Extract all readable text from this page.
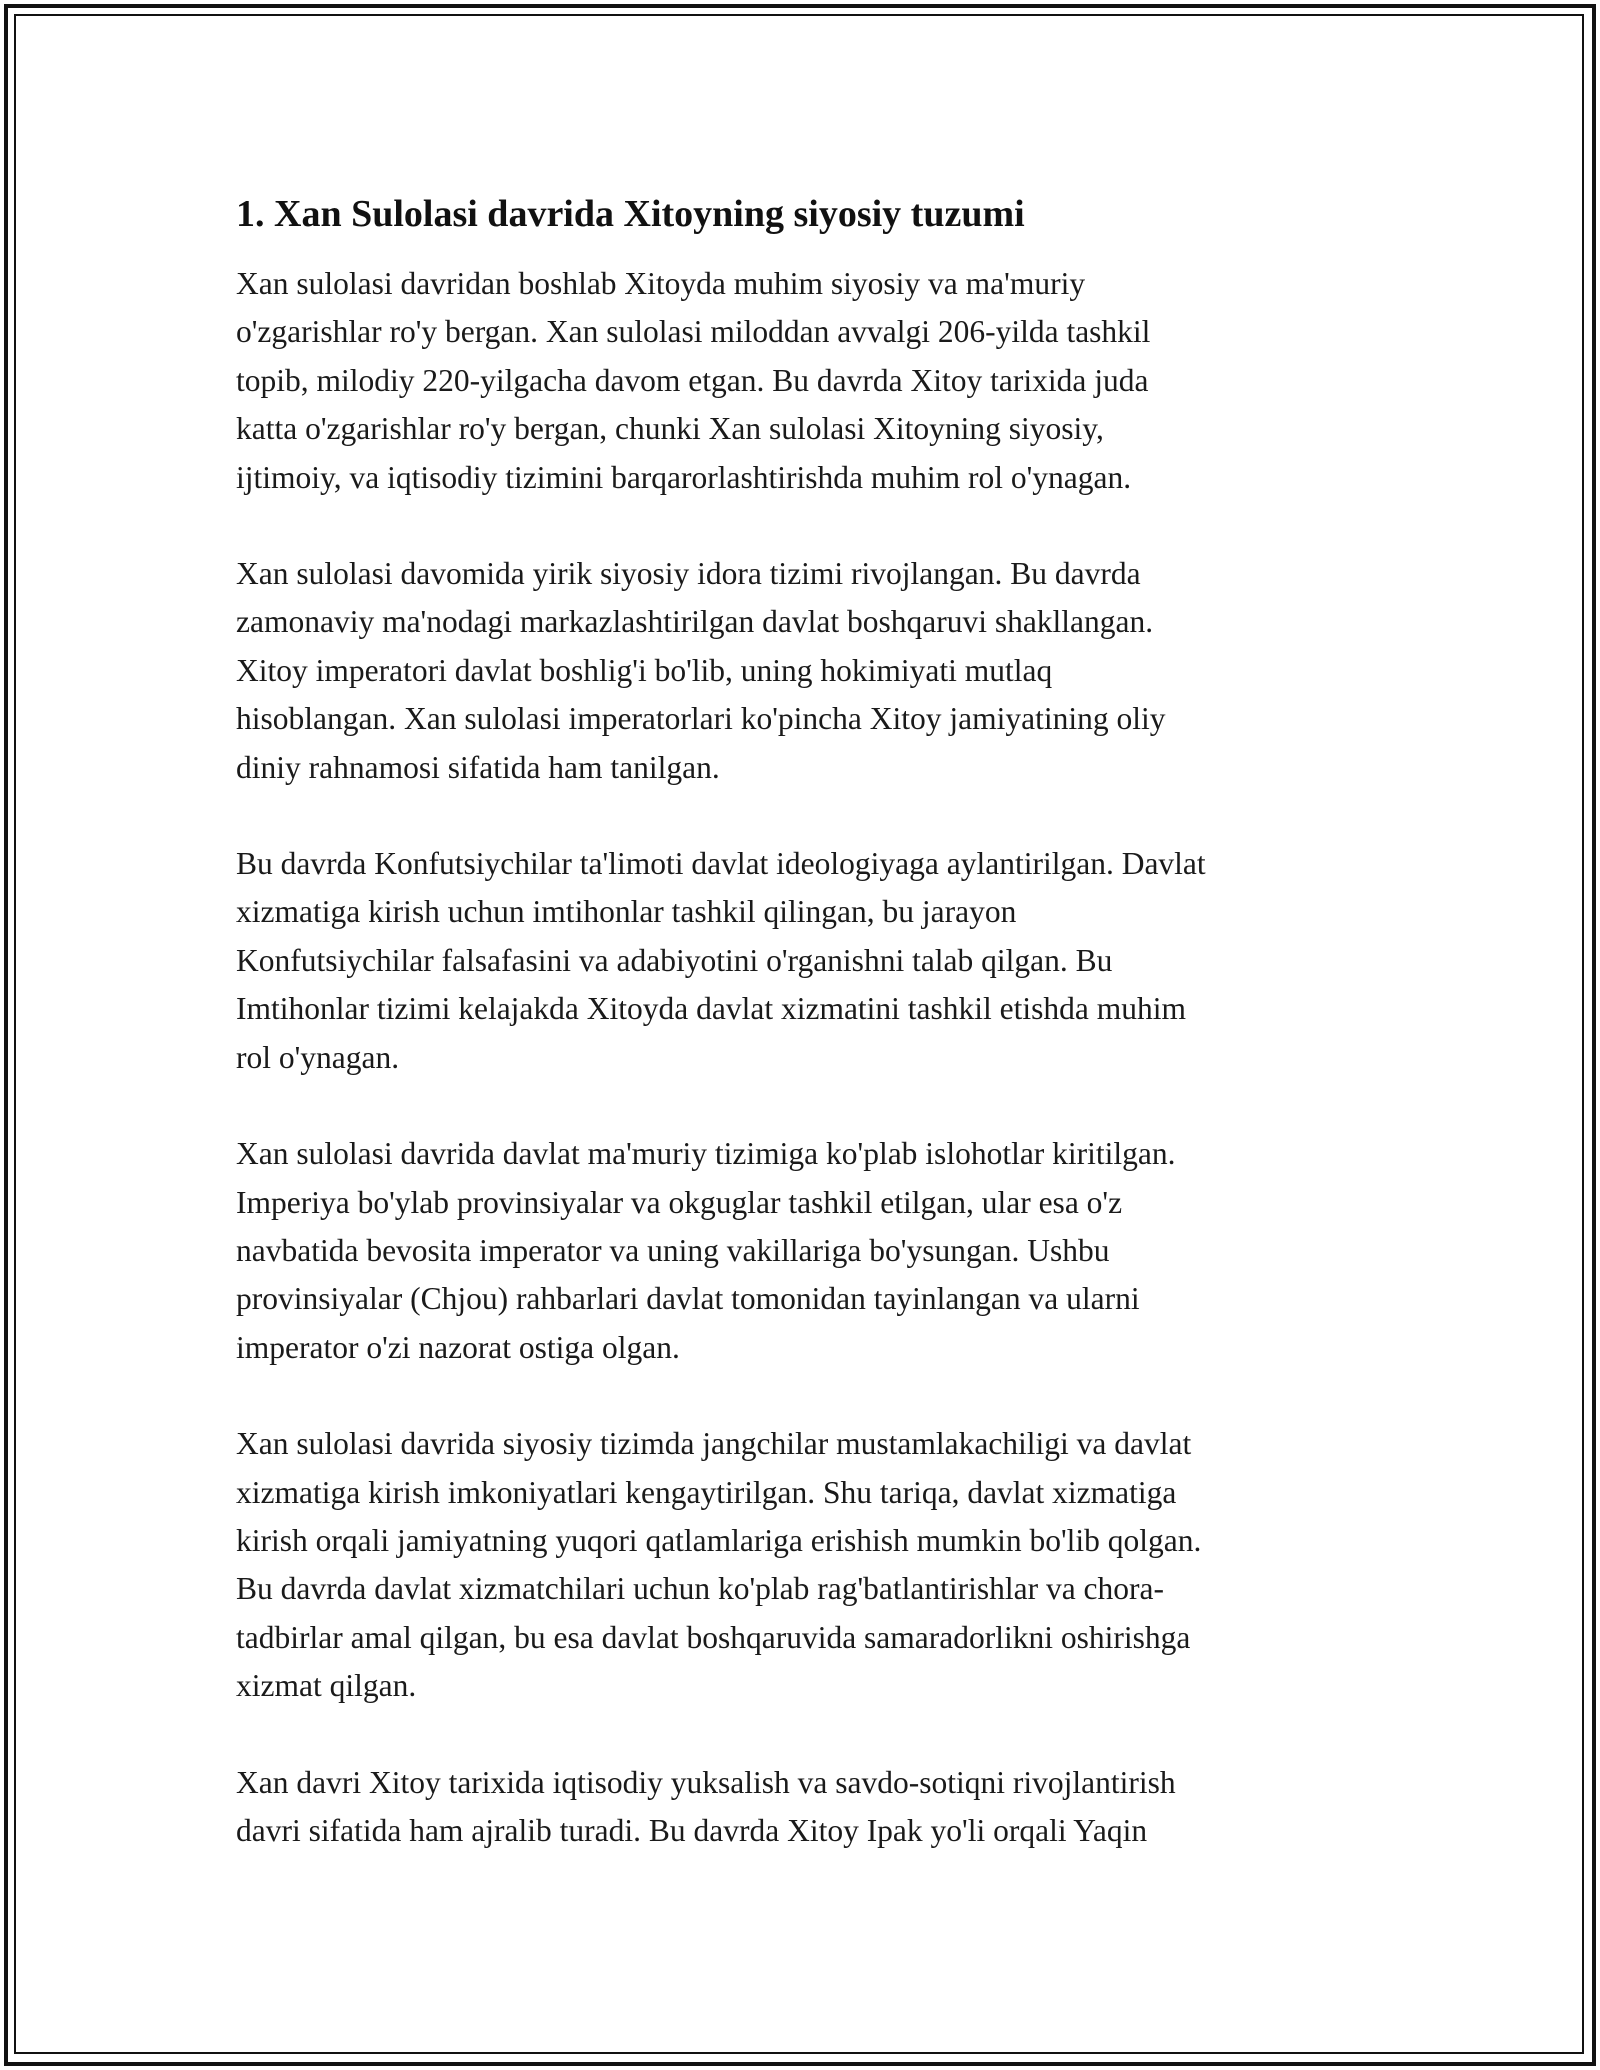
1. Xan Sulolasi davrida Xitoyning siyosiy tuzumi

Xan sulolasi davridan boshlab Xitoyda muhim siyosiy va ma'muriy
o'zgarishlar ro'y bergan. Xan sulolasi miloddan avvalgi 206-yilda tashkil
topib, milodiy 220-yilgacha davom etgan. Bu davrda Xitoy tarixida juda
katta o'zgarishlar ro'y bergan, chunki Xan sulolasi Xitoyning siyosiy,
ijtimoiy, va iqtisodiy tizimini barqarorlashtirishda muhim rol o'ynagan.

Xan sulolasi davomida yirik siyosiy idora tizimi rivojlangan. Bu davrda
zamonaviy ma'nodagi markazlashtirilgan davlat boshqaruvi shakllangan.
Xitoy imperatori davlat boshlig'i bo'lib, uning hokimiyati mutlaq
hisoblangan. Xan sulolasi imperatorlari ko'pincha Xitoy jamiyatining oliy
diniy rahnamosi sifatida ham tanilgan.

Bu davrda Konfutsiychilar ta'limoti davlat ideologiyaga aylantirilgan. Davlat
xizmatiga kirish uchun imtihonlar tashkil qilingan, bu jarayon
Konfutsiychilar falsafasini va adabiyotini o'rganishni talab qilgan. Bu
Imtihonlar tizimi kelajakda Xitoyda davlat xizmatini tashkil etishda muhim
rol o'ynagan.

Xan sulolasi davrida davlat ma'muriy tizimiga ko'plab islohotlar kiritilgan.
Imperiya bo'ylab provinsiyalar va okguglar tashkil etilgan, ular esa o'z
navbatida bevosita imperator va uning vakillariga bo'ysungan. Ushbu
provinsiyalar (Chjou) rahbarlari davlat tomonidan tayinlangan va ularni
imperator o'zi nazorat ostiga olgan.

Xan sulolasi davrida siyosiy tizimda jangchilar mustamlakachiligi va davlat
xizmatiga kirish imkoniyatlari kengaytirilgan. Shu tariqa, davlat xizmatiga
kirish orqali jamiyatning yuqori qatlamlariga erishish mumkin bo'lib qolgan.
Bu davrda davlat xizmatchilari uchun ko'plab rag'batlantirishlar va chora-
tadbirlar amal qilgan, bu esa davlat boshqaruvida samaradorlikni oshirishga
xizmat qilgan.

Xan davri Xitoy tarixida iqtisodiy yuksalish va savdo-sotiqni rivojlantirish
davri sifatida ham ajralib turadi. Bu davrda Xitoy Ipak yo'li orqali Yaqin
